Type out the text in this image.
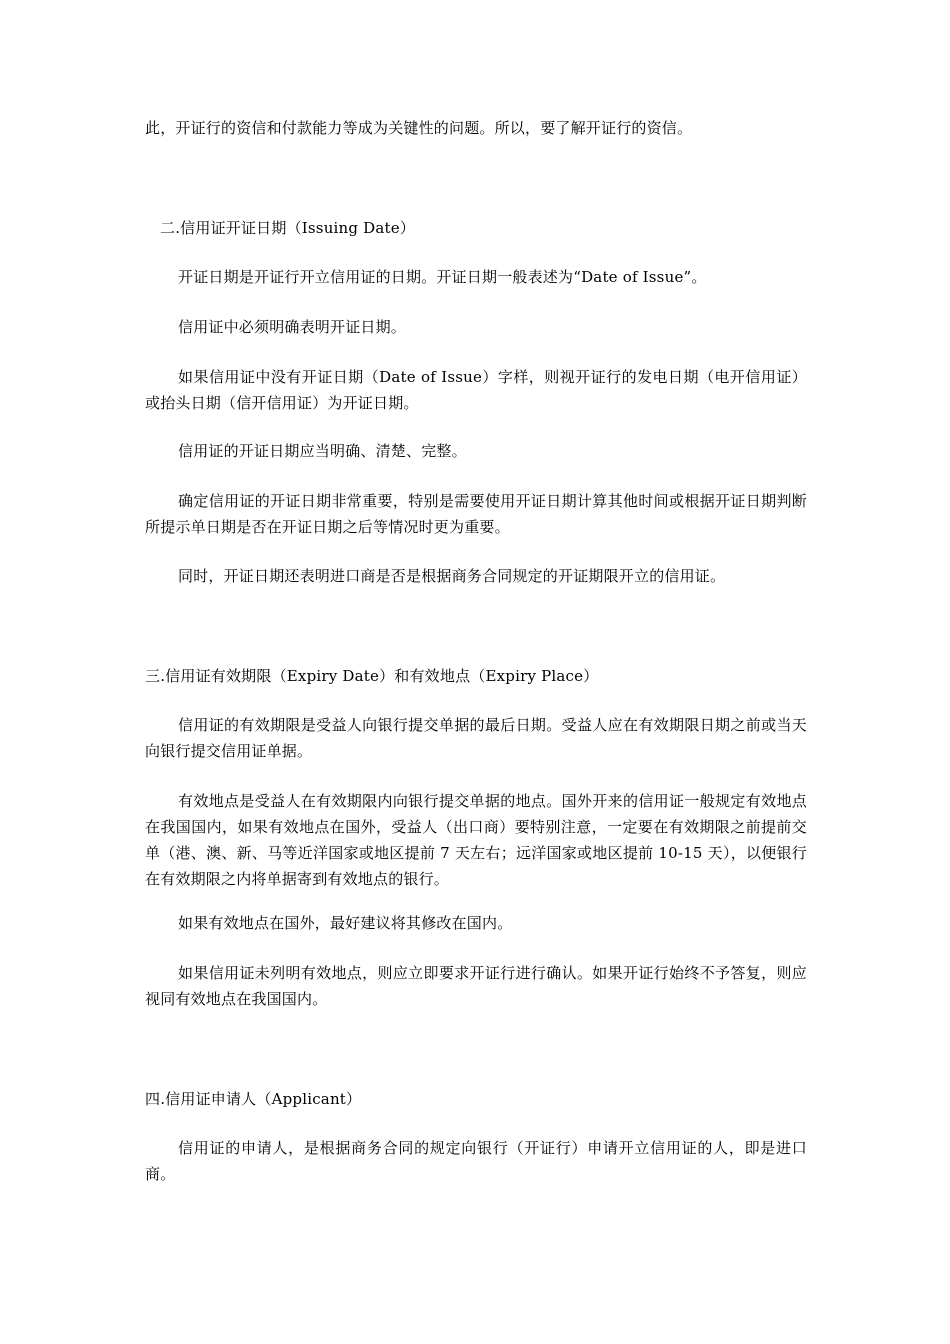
此，开证行的资信和付款能力等成为关键性的问题。所以，要了解开证行的资信。
二.信用证开证日期（Issuing Date）
开证日期是开证行开立信用证的日期。开证日期一般表述为“Date of Issue”。
信用证中必须明确表明开证日期。
如果信用证中没有开证日期（Date of Issue）字样，则视开证行的发电日期（电开信用证）或抬头日期（信开信用证）为开证日期。
信用证的开证日期应当明确、清楚、完整。
确定信用证的开证日期非常重要，特别是需要使用开证日期计算其他时间或根据开证日期判断所提示单日期是否在开证日期之后等情况时更为重要。
同时，开证日期还表明进口商是否是根据商务合同规定的开证期限开立的信用证。
三.信用证有效期限（Expiry Date）和有效地点（Expiry Place）
信用证的有效期限是受益人向银行提交单据的最后日期。受益人应在有效期限日期之前或当天向银行提交信用证单据。
有效地点是受益人在有效期限内向银行提交单据的地点。国外开来的信用证一般规定有效地点在我国国内，如果有效地点在国外，受益人（出口商）要特别注意，一定要在有效期限之前提前交单（港、澳、新、马等近洋国家或地区提前 7 天左右；远洋国家或地区提前 10-15 天），以便银行在有效期限之内将单据寄到有效地点的银行。
如果有效地点在国外，最好建议将其修改在国内。
如果信用证未列明有效地点，则应立即要求开证行进行确认。如果开证行始终不予答复，则应视同有效地点在我国国内。
四.信用证申请人（Applicant）
信用证的申请人，是根据商务合同的规定向银行（开证行）申请开立信用证的人，即是进口商。
